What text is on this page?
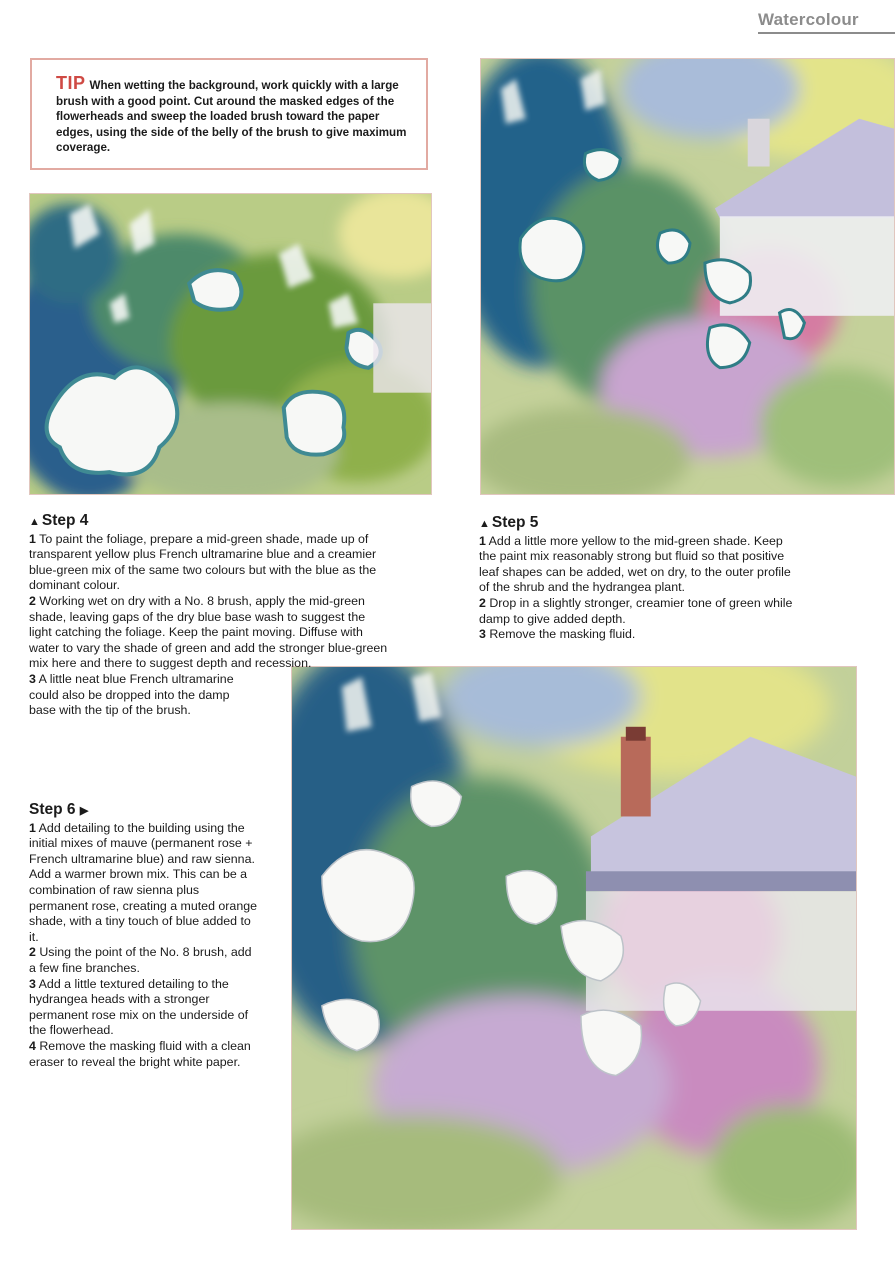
Watercolour
TIP When wetting the background, work quickly with a large brush with a good point. Cut around the masked edges of the flowerheads and sweep the loaded brush toward the paper edges, using the side of the belly of the brush to give maximum coverage.
▲ Step 4

1 To paint the foliage, prepare a mid-green shade, made up of transparent yellow plus French ultramarine blue and a creamier blue-green mix of the same two colours but with the blue as the dominant colour.

2 Working wet on dry with a No. 8 brush, apply the mid-green shade, leaving gaps of the dry blue base wash to suggest the light catching the foliage. Keep the paint moving. Diffuse with water to vary the shade of green and add the stronger blue-green mix here and there to suggest depth and recession.

3 A little neat blue French ultramarine could also be dropped into the damp base with the tip of the brush.

▲ Step 5

1 Add a little more yellow to the mid-green shade. Keep the paint mix reasonably strong but fluid so that positive leaf shapes can be added, wet on dry, to the outer profile of the shrub and the hydrangea plant.

2 Drop in a slightly stronger, creamier tone of green while damp to give added depth.

3 Remove the masking fluid.

Step 6 ▶

1 Add detailing to the building using the initial mixes of mauve (permanent rose + French ultramarine blue) and raw sienna. Add a warmer brown mix. This can be a combination of raw sienna plus permanent rose, creating a muted orange shade, with a tiny touch of blue added to it.

2 Using the point of the No. 8 brush, add a few fine branches.

3 Add a little textured detailing to the hydrangea heads with a stronger permanent rose mix on the underside of the flowerhead.

4 Remove the masking fluid with a clean eraser to reveal the bright white paper.
